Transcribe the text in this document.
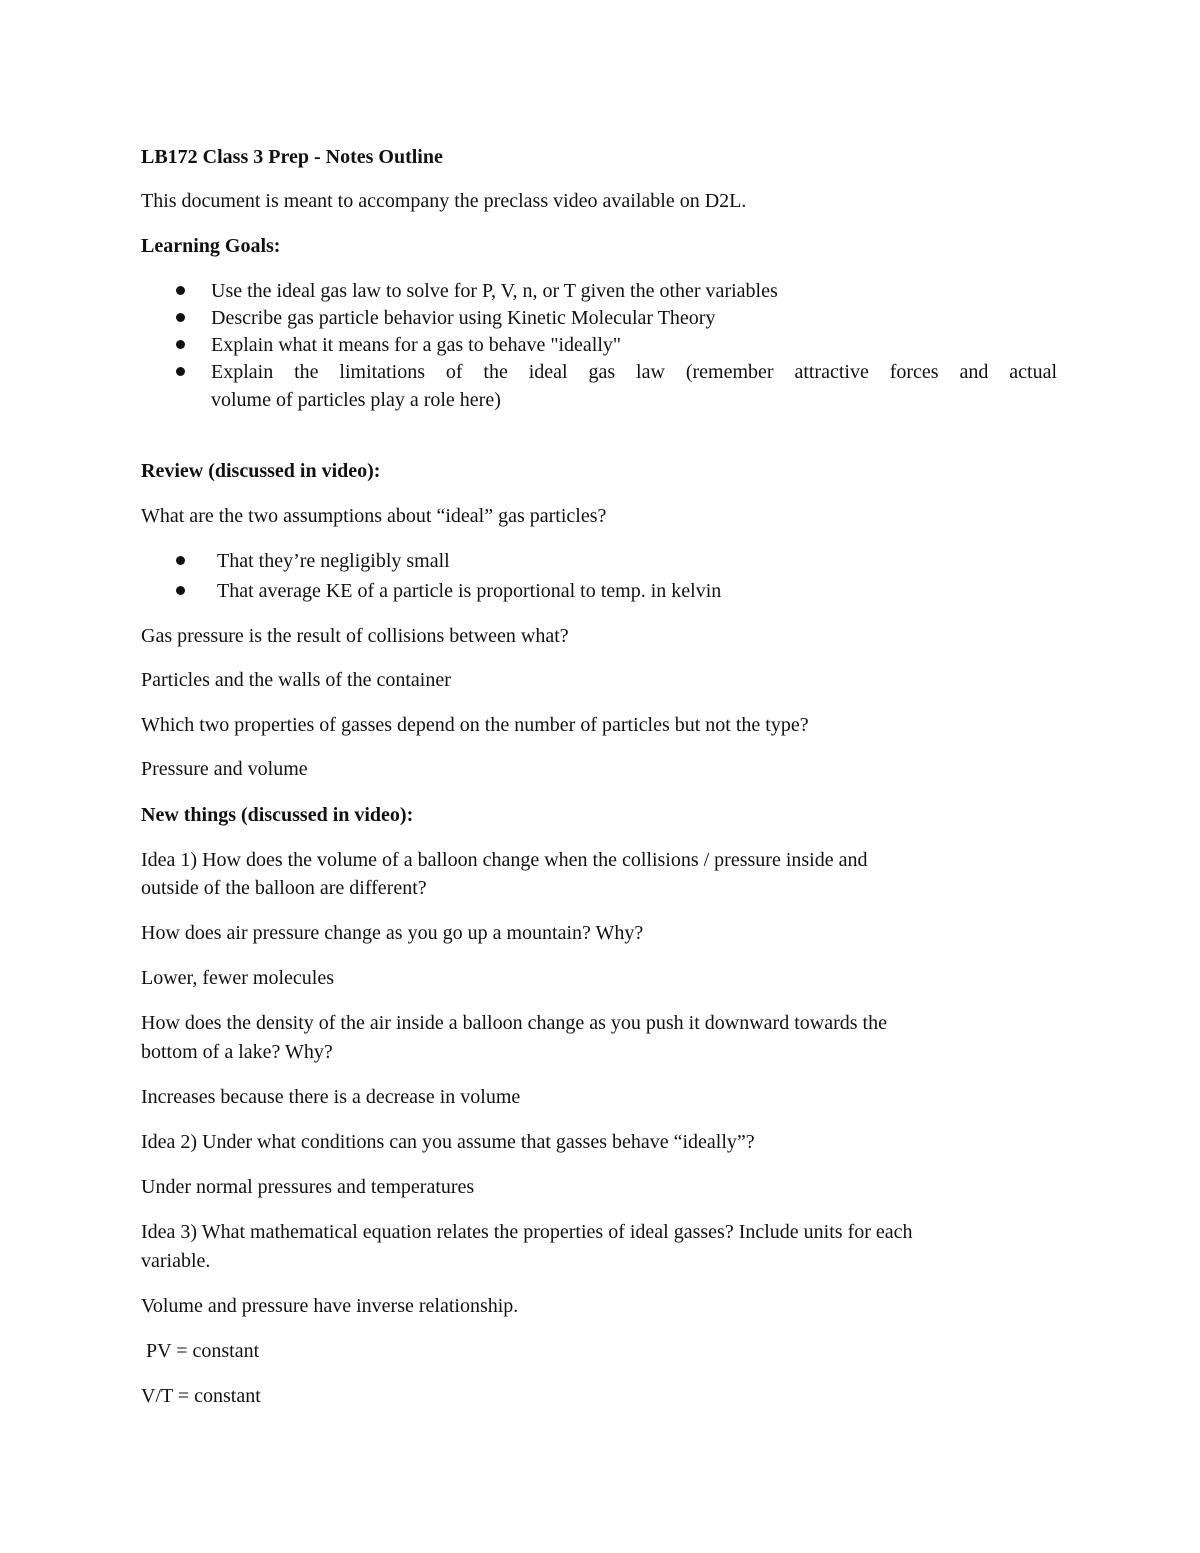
LB172 Class 3 Prep - Notes Outline
This document is meant to accompany the preclass video available on D2L.
Learning Goals:
Use the ideal gas law to solve for P, V, n, or T given the other variables
Describe gas particle behavior using Kinetic Molecular Theory
Explain what it means for a gas to behave "ideally"
Explain the limitations of the ideal gas law (remember attractive forces and actual
volume of particles play a role here)
Review (discussed in video):
What are the two assumptions about “ideal” gas particles?
That they’re negligibly small
That average KE of a particle is proportional to temp. in kelvin
Gas pressure is the result of collisions between what?
Particles and the walls of the container
Which two properties of gasses depend on the number of particles but not the type?
Pressure and volume
New things (discussed in video):
Idea 1) How does the volume of a balloon change when the collisions / pressure inside and
outside of the balloon are different?
How does air pressure change as you go up a mountain? Why?
Lower, fewer molecules
How does the density of the air inside a balloon change as you push it downward towards the
bottom of a lake? Why?
Increases because there is a decrease in volume
Idea 2) Under what conditions can you assume that gasses behave “ideally”?
Under normal pressures and temperatures
Idea 3) What mathematical equation relates the properties of ideal gasses? Include units for each
variable.
Volume and pressure have inverse relationship.
PV = constant
V/T = constant
